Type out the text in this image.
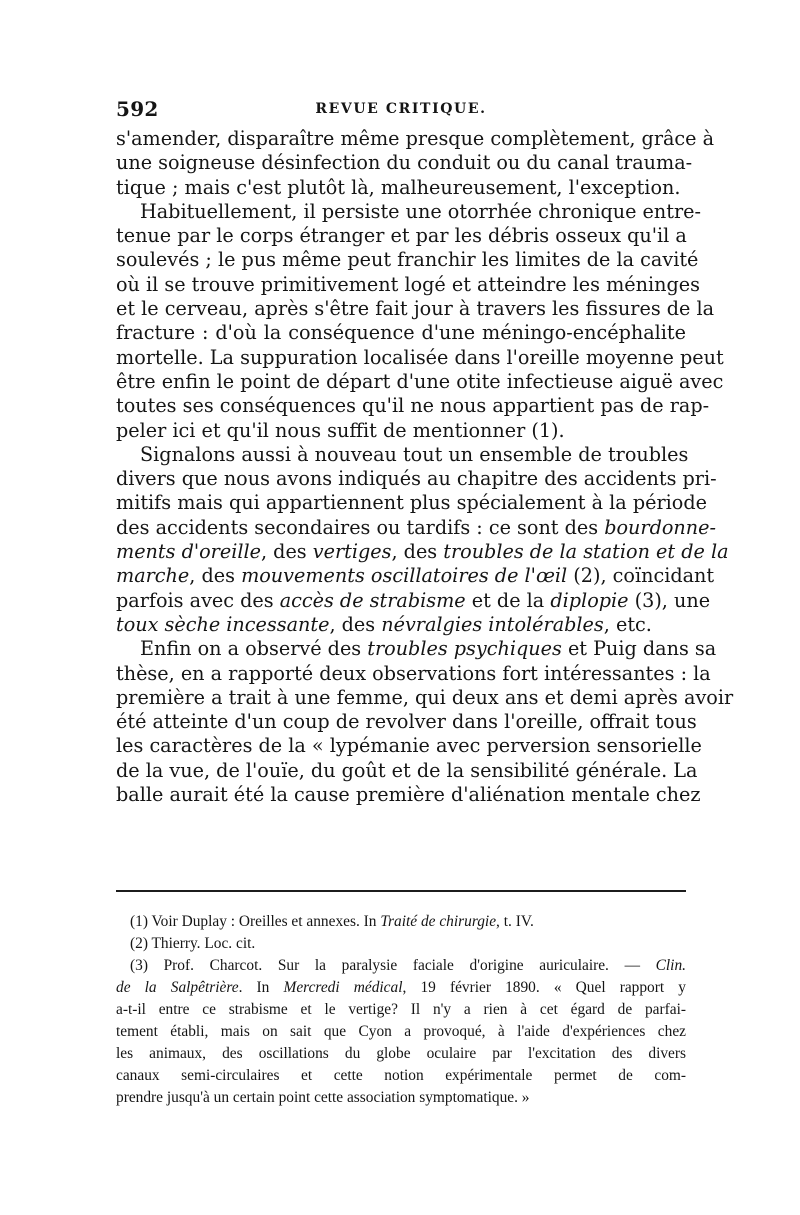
592	REVUE CRITIQUE.
s'amender, disparaître même presque complètement, grâce à
une soigneuse désinfection du conduit ou du canal trauma-
tique ; mais c'est plutôt là, malheureusement, l'exception.
Habituellement, il persiste une otorrhée chronique entre-
tenue par le corps étranger et par les débris osseux qu'il a
soulevés ; le pus même peut franchir les limites de la cavité
où il se trouve primitivement logé et atteindre les méninges
et le cerveau, après s'être fait jour à travers les fissures de la
fracture : d'où la conséquence d'une méningo-encéphalite
mortelle. La suppuration localisée dans l'oreille moyenne peut
être enfin le point de départ d'une otite infectieuse aiguë avec
toutes ses conséquences qu'il ne nous appartient pas de rap-
peler ici et qu'il nous suffit de mentionner (1).
Signalons aussi à nouveau tout un ensemble de troubles
divers que nous avons indiqués au chapitre des accidents pri-
mitifs mais qui appartiennent plus spécialement à la période
des accidents secondaires ou tardifs : ce sont des bourdonne-
ments d'oreille, des vertiges, des troubles de la station et de la
marche, des mouvements oscillatoires de l'œil (2), coïncidant
parfois avec des accès de strabisme et de la diplopie (3), une
toux sèche incessante, des névralgies intolérables, etc.
Enfin on a observé des troubles psychiques et Puig dans sa
thèse, en a rapporté deux observations fort intéressantes : la
première a trait à une femme, qui deux ans et demi après avoir
été atteinte d'un coup de revolver dans l'oreille, offrait tous
les caractères de la « lypémanie avec perversion sensorielle
de la vue, de l'ouïe, du goût et de la sensibilité générale. La
balle aurait été la cause première d'aliénation mentale chez
(1) Voir Duplay : Oreilles et annexes. In Traité de chirurgie, t. IV.
(2) Thierry. Loc. cit.
(3) Prof. Charcot. Sur la paralysie faciale d'origine auriculaire. — Clin.
de la Salpêtrière. In Mercredi médical, 19 février 1890. « Quel rapport y
a-t-il entre ce strabisme et le vertige? Il n'y a rien à cet égard de parfai-
tement établi, mais on sait que Cyon a provoqué, à l'aide d'expériences chez
les animaux, des oscillations du globe oculaire par l'excitation des divers
canaux semi-circulaires et cette notion expérimentale permet de com-
prendre jusqu'à un certain point cette association symptomatique. »
